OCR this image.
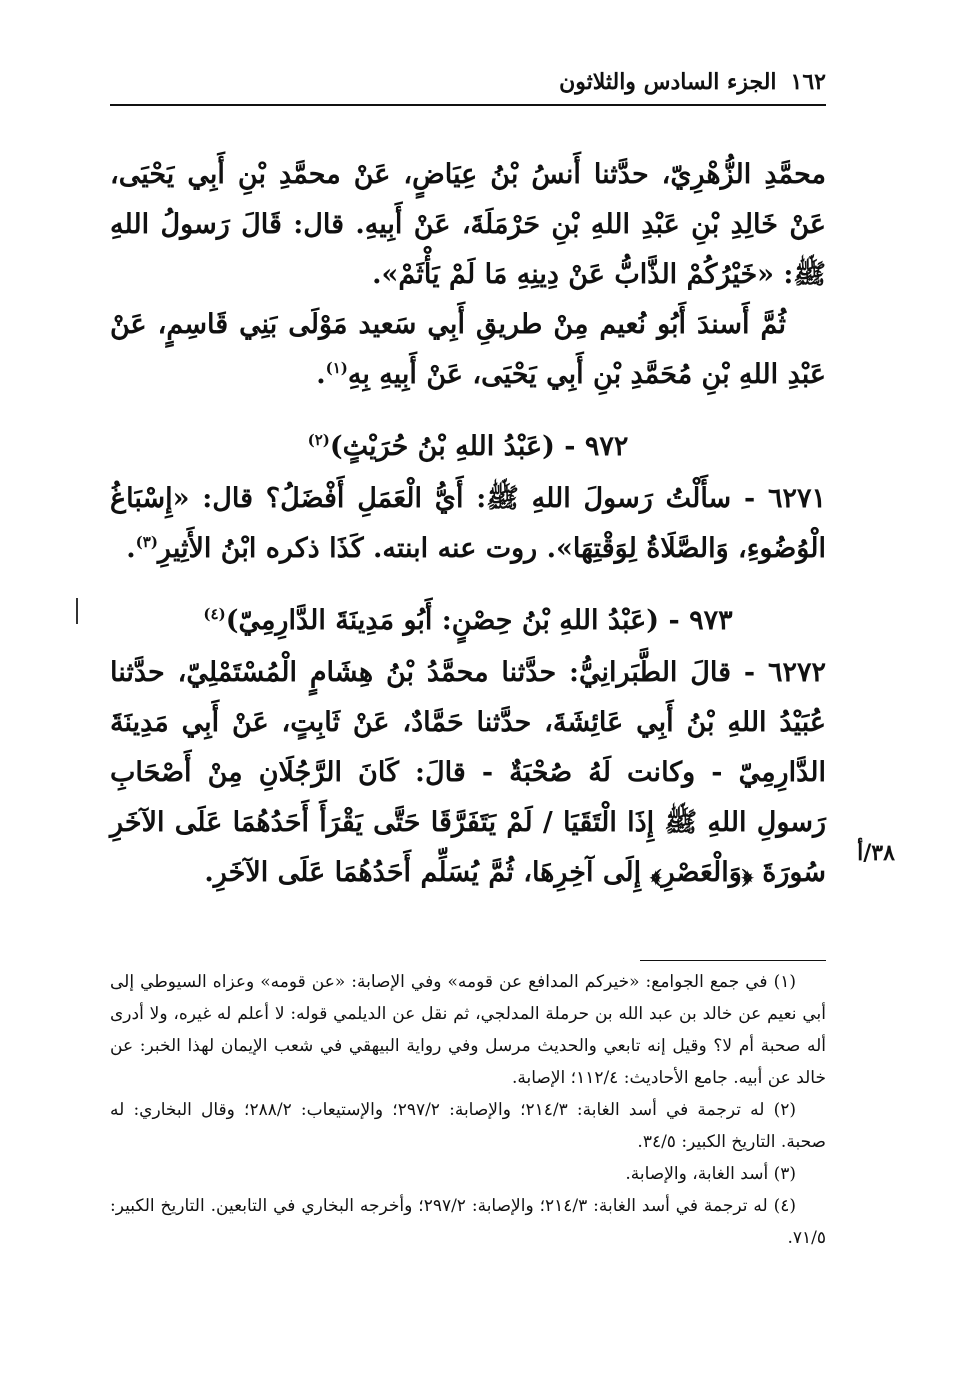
١٦٢
الجزء السادس والثلاثون

محمَّدِ الزُّهْرِيّ، حدَّثنا أَنسُ بْنُ عِيَاضٍ، عَنْ محمَّدِ بْنِ أَبِي يَحْيَى، عَنْ خَالِدِ بْنِ عَبْدِ اللهِ بْنِ حَرْمَلَةَ، عَنْ أَبِيهِ. قال: قَالَ رَسولُ اللهِ ﷺ: «خَيْرُكُمْ الذَّابُّ عَنْ دِينِهِ مَا لَمْ يَأْثَمْ».

ثُمَّ أَسندَ أَبُو نُعيم مِنْ طريقِ أَبِي سَعيد مَوْلَى بَنِي قَاسِمٍ، عَنْ عَبْدِ اللهِ بْنِ مُحَمَّدِ بْنِ أَبِي يَحْيَى، عَنْ أَبِيهِ بِهِ$^{(١)}$.

٩٧٢ - (عَبْدُ اللهِ بْنُ حُرَيْثٍ)$^{(٢)}$

٦٢٧١ - سأَلْتُ رَسولَ اللهِ ﷺ: أَيُّ الْعَمَلِ أَفْضَلُ؟ قال: «إِسْبَاغُ الْوُضُوءِ، وَالصَّلَاةُ لِوَقْتِهَا». روت عنه ابنته. كَذَا ذكره ابْنُ الأَثِيرِ$^{(٣)}$.

٩٧٣ - (عَبْدُ اللهِ بْنُ حِصْنٍ: أَبُو مَدِينَةَ الدَّارِمِيّ)$^{(٤)}$

٦٢٧٢ - قالَ الطَّبَرانِيُّ: حدَّثنا محمَّدُ بْنُ هِشَامٍ الْمُسْتَمْلِيّ، حدَّثنا عُبَيْدُ اللهِ بْنُ أَبِي عَائِشَةَ، حدَّثنا حَمَّادٌ، عَنْ ثَابِتٍ، عَنْ أَبِي مَدِينَةَ الدَّارِمِيّ - وكانت لَهُ صُحْبَةٌ - قالَ: كَانَ الرَّجُلَانِ مِنْ أَصْحَابِ رَسولِ اللهِ ﷺ إِذَا الْتَقَيَا / لَمْ يَتَفَرَّقَا حَتَّى يَقْرَأَ أَحَدُهُمَا عَلَى الآخَرِ سُورَةَ ﴿وَالْعَصْرِ﴾ إِلَى آخِرِهَا، ثُمَّ يُسَلِّم أَحَدُهُمَا عَلَى الآخَرِ.

٣٨/أ

(١) في جمع الجوامع: «خيركم المدافع عن قومه» وفي الإصابة: «عن قومه» وعزاه السيوطي إلى أبي نعيم عن خالد بن عبد الله بن حرملة المدلجي، ثم نقل عن الديلمي قوله: لا أعلم له غيره، ولا أدرى أله صحبة أم لا؟ وقيل إنه تابعي والحديث مرسل وفي رواية البيهقي في شعب الإيمان لهذا الخبر: عن خالد عن أبيه. جامع الأحاديث: ١١٢/٤؛ الإصابة.

(٢) له ترجمة في أسد الغابة: ٢١٤/٣؛ والإصابة: ٢٩٧/٢؛ والإستيعاب: ٢٨٨/٢؛ وقال البخاري: له صحبة. التاريخ الكبير: ٣٤/٥.

(٣) أسد الغابة، والإصابة.

(٤) له ترجمة في أسد الغابة: ٢١٤/٣؛ والإصابة: ٢٩٧/٢؛ وأخرجه البخاري في التابعين. التاريخ الكبير: ٧١/٥.
